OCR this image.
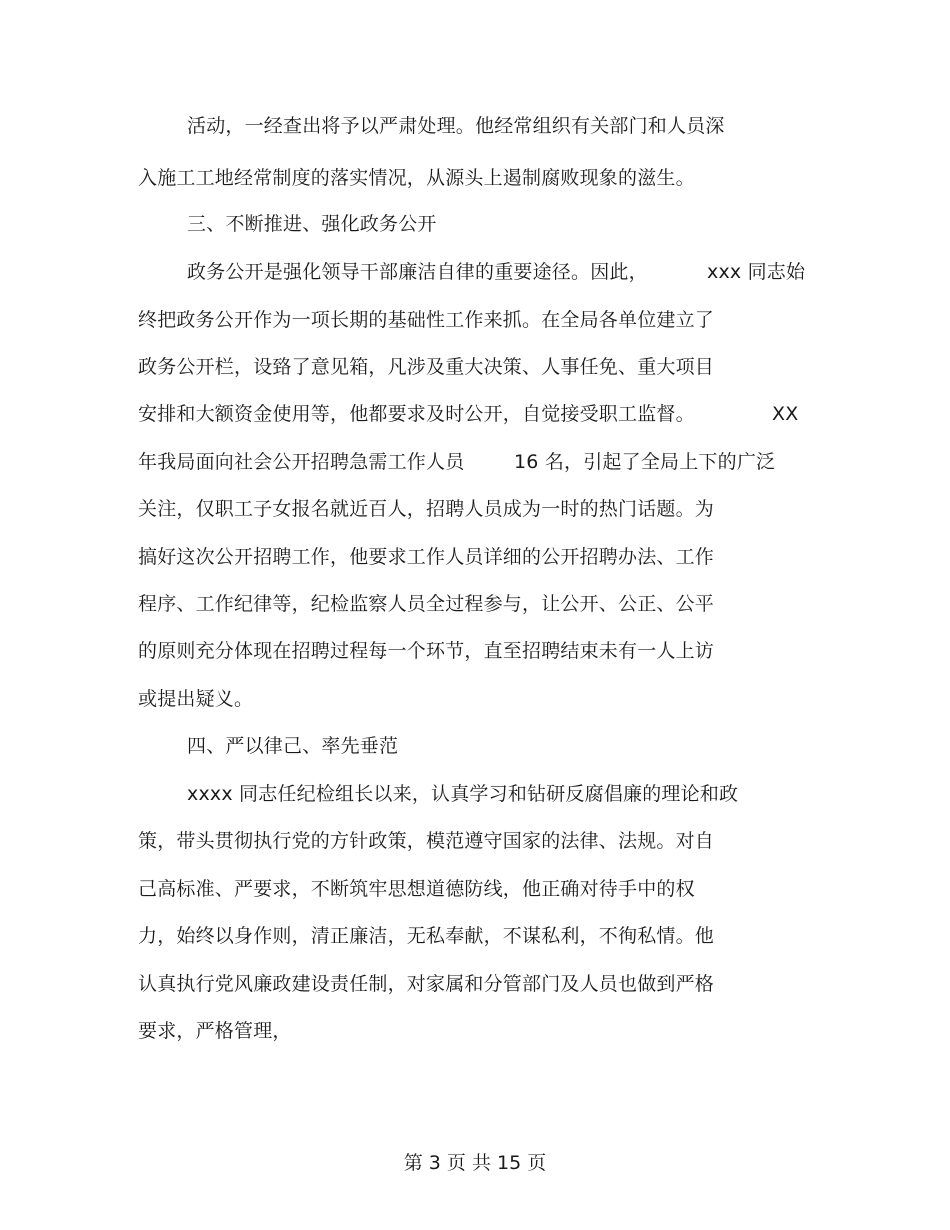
活动，一经查出将予以严肃处理。他经常组织有关部门和人员深
入施工工地经常制度的落实情况，从源头上遏制腐败现象的滋生。
三、不断推进、强化政务公开
政务公开是强化领导干部廉洁自律的重要途径。因此，	xxx 同志始
终把政务公开作为一项长期的基础性工作来抓。在全局各单位建立了
政务公开栏，设臵了意见箱，凡涉及重大决策、人事任免、重大项目
安排和大额资金使用等，他都要求及时公开，自觉接受职工监督。	XX
年我局面向社会公开招聘急需工作人员	16 名，引起了全局上下的广泛
关注，仅职工子女报名就近百人，招聘人员成为一时的热门话题。为
搞好这次公开招聘工作，他要求工作人员详细的公开招聘办法、工作
程序、工作纪律等，纪检监察人员全过程参与，让公开、公正、公平
的原则充分体现在招聘过程每一个环节，直至招聘结束未有一人上访
或提出疑义。
四、严以律己、率先垂范
xxxx 同志任纪检组长以来，认真学习和钻研反腐倡廉的理论和政
策，带头贯彻执行党的方针政策，模范遵守国家的法律、法规。对自
己高标准、严要求，不断筑牢思想道德防线，他正确对待手中的权
力，始终以身作则，清正廉洁，无私奉献，不谋私利，不徇私情。他
认真执行党风廉政建设责任制，对家属和分管部门及人员也做到严格
要求，严格管理，
第 3 页 共 15 页
